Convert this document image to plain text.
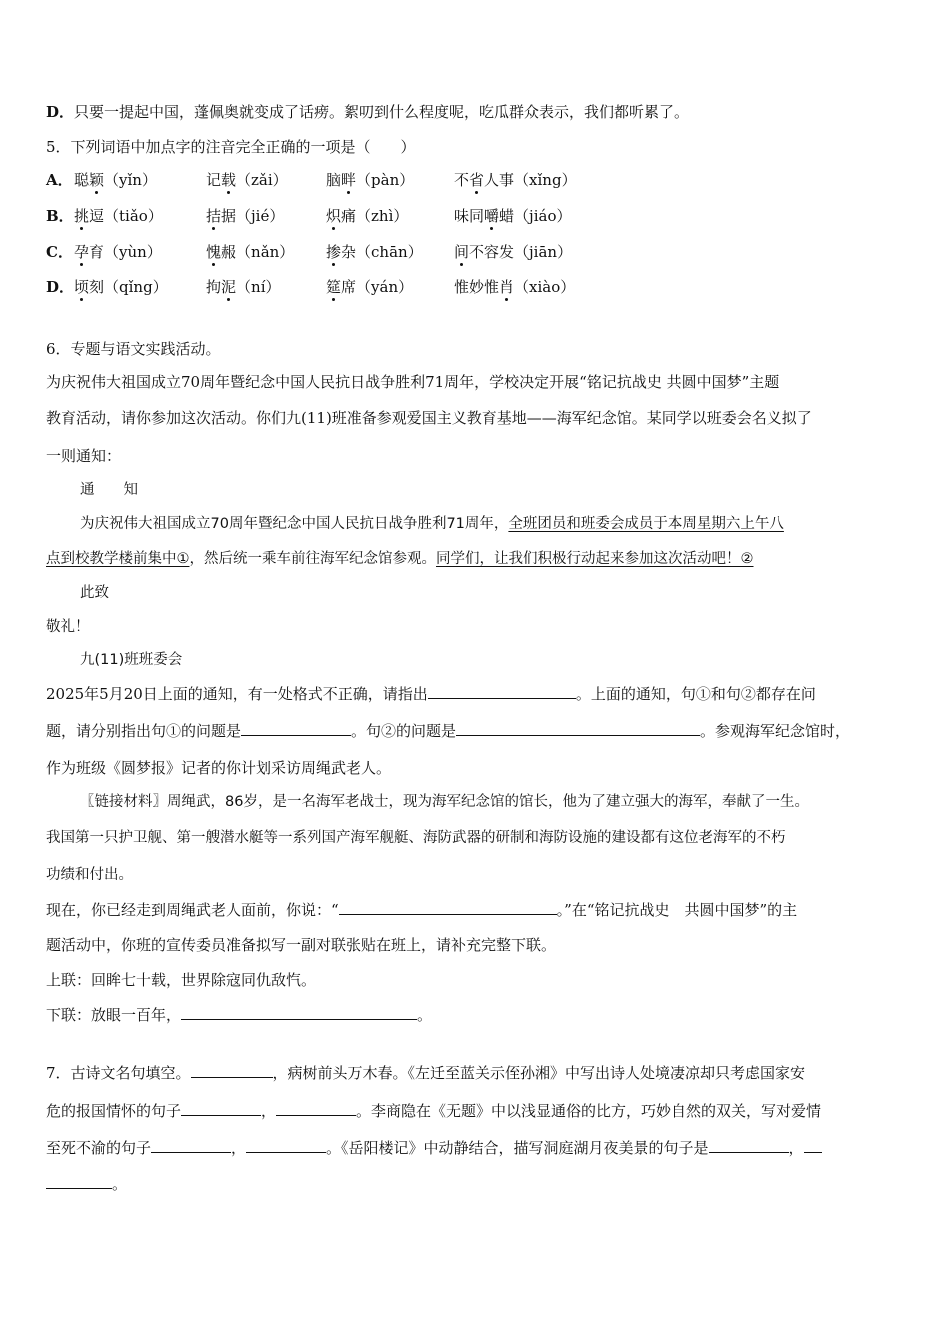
D．只要一提起中国，蓬佩奥就变成了话痨。絮叨到什么程度呢，吃瓜群众表示，我们都听累了。
5．下列词语中加点字的注音完全正确的一项是（　　）
A． 聪颖（yǐn）	记载（zǎi）	脑畔（pàn）	不省人事（xǐng）
B． 挑逗（tiǎo）	拮据（jié）	炽痛（zhì）	味同嚼蜡（jiáo）
C． 孕育（yùn）	愧赧（nǎn） 掺杂（chān） 间不容发（jiān）
D． 顷刻（qǐng）	拘泥（ní）	筵席（yán）	惟妙惟肖（xiào）
6．专题与语文实践活动。
为庆祝伟大祖国成立70周年暨纪念中国人民抗日战争胜利71周年，学校决定开展“铭记抗战史 共圆中国梦”主题
教育活动，请你参加这次活动。你们九(11)班准备参观爱国主义教育基地——海军纪念馆。某同学以班委会名义拟了
一则通知：
通　　知
为庆祝伟大祖国成立70周年暨纪念中国人民抗日战争胜利71周年，全班团员和班委会成员于本周星期六上午八
点到校教学楼前集中①，然后统一乘车前往海军纪念馆参观。同学们，让我们积极行动起来参加这次活动吧！②
此致
敬礼！
九(11)班班委会
2025年5月20日上面的通知，有一处格式不正确，请指出	。上面的通知，句①和句②都存在问
题，请分别指出句①的问题是	。句②的问题是	。参观海军纪念馆时，
作为班级《圆梦报》记者的你计划采访周绳武老人。
〖链接材料〗周绳武，86岁，是一名海军老战士，现为海军纪念馆的馆长，他为了建立强大的海军，奉献了一生。
我国第一只护卫舰、第一艘潜水艇等一系列国产海军舰艇、海防武器的研制和海防设施的建设都有这位老海军的不朽
功绩和付出。
现在，你已经走到周绳武老人面前，你说：“	。”在“铭记抗战史　共圆中国梦”的主
题活动中，你班的宣传委员准备拟写一副对联张贴在班上，请补充完整下联。
上联：回眸七十载，世界除寇同仇敌忾。
下联：放眼一百年，	。
7．古诗文名句填空。	，病树前头万木春。《左迁至蓝关示侄孙湘》中写出诗人处境凄凉却只考虑国家安
危的报国情怀的句子	，	。李商隐在《无题》中以浅显通俗的比方，巧妙自然的双关，写对爱情
至死不渝的句子	，	。《岳阳楼记》中动静结合，描写洞庭湖月夜美景的句子是	，
。
